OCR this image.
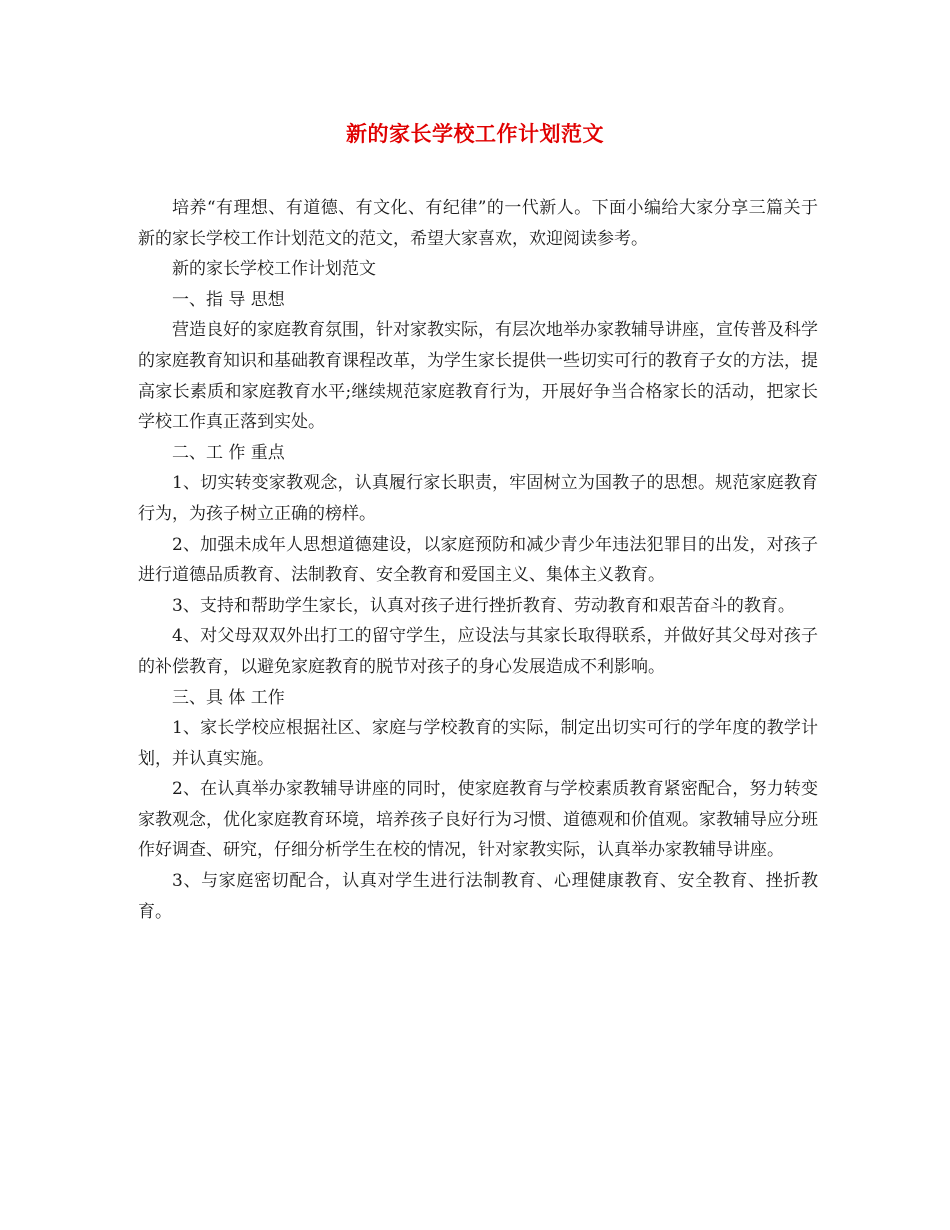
新的家长学校工作计划范文

培养“有理想、有道德、有文化、有纪律”的一代新人。下面小编给大家分享三篇关于新的家长学校工作计划范文的范文，希望大家喜欢，欢迎阅读参考。

新的家长学校工作计划范文

一、指 导 思想

营造良好的家庭教育氛围，针对家教实际，有层次地举办家教辅导讲座，宣传普及科学的家庭教育知识和基础教育课程改革，为学生家长提供一些切实可行的教育子女的方法，提高家长素质和家庭教育水平;继续规范家庭教育行为，开展好争当合格家长的活动，把家长学校工作真正落到实处。

二、工 作 重点

1、切实转变家教观念，认真履行家长职责，牢固树立为国教子的思想。规范家庭教育行为，为孩子树立正确的榜样。

2、加强未成年人思想道德建设，以家庭预防和减少青少年违法犯罪目的出发，对孩子进行道德品质教育、法制教育、安全教育和爱国主义、集体主义教育。

3、支持和帮助学生家长，认真对孩子进行挫折教育、劳动教育和艰苦奋斗的教育。

4、对父母双双外出打工的留守学生，应设法与其家长取得联系，并做好其父母对孩子的补偿教育，以避免家庭教育的脱节对孩子的身心发展造成不利影响。

三、具 体 工作

1、家长学校应根据社区、家庭与学校教育的实际，制定出切实可行的学年度的教学计划，并认真实施。

2、在认真举办家教辅导讲座的同时，使家庭教育与学校素质教育紧密配合，努力转变家教观念，优化家庭教育环境，培养孩子良好行为习惯、道德观和价值观。家教辅导应分班作好调查、研究，仔细分析学生在校的情况，针对家教实际，认真举办家教辅导讲座。

3、与家庭密切配合，认真对学生进行法制教育、心理健康教育、安全教育、挫折教育。
